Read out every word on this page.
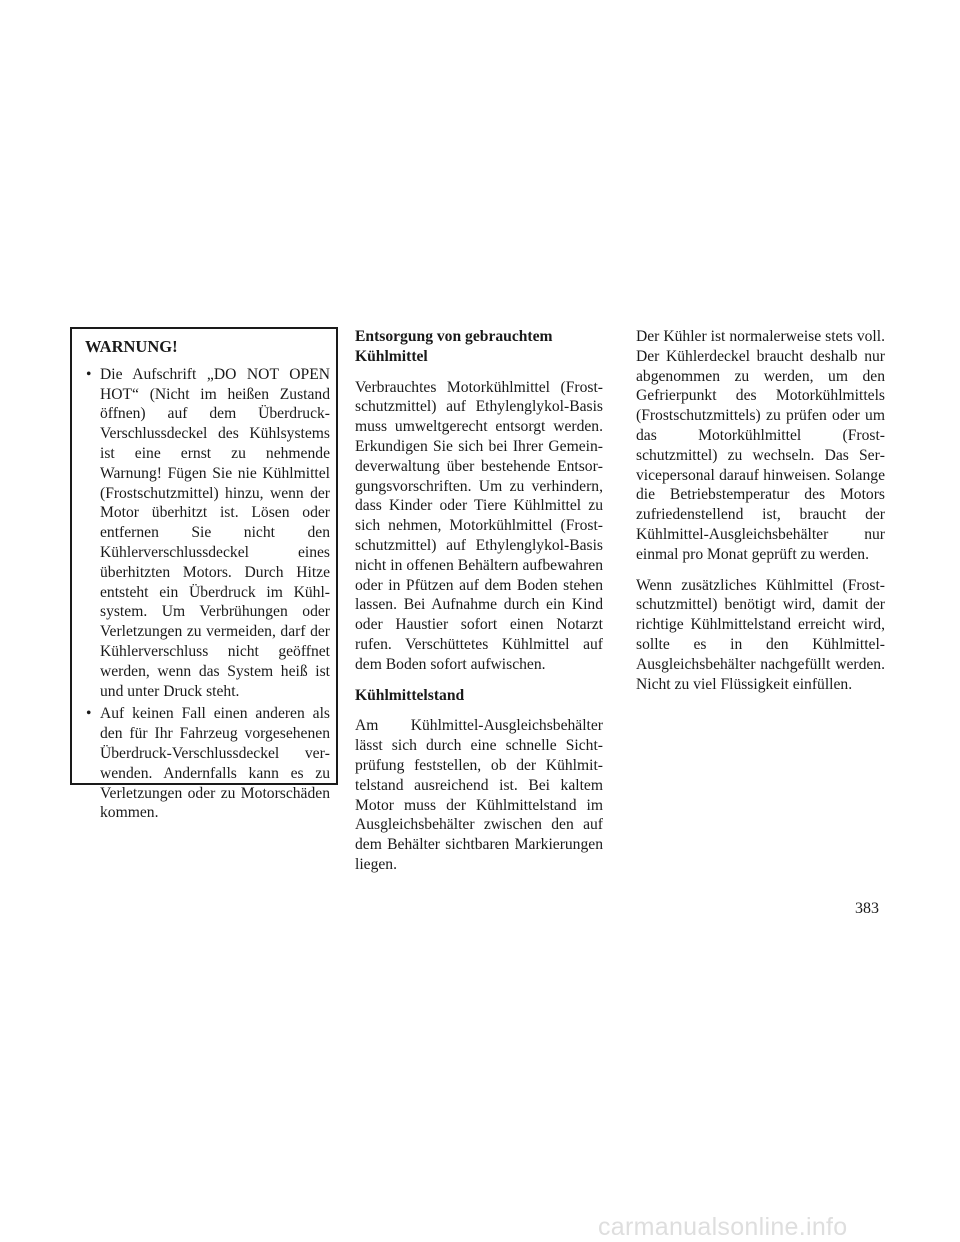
WARNUNG!
• Die Aufschrift „DO NOT OPEN HOT“ (Nicht im heißen Zustand öffnen) auf dem Überdruck-Verschlussdeckel des Kühlsystems ist eine ernst zu nehmende Warnung! Fügen Sie nie Kühlmittel (Frostschutzmittel) hinzu, wenn der Motor überhitzt ist. Lösen oder entfernen Sie nicht den Kühlerverschlussdeckel eines überhitzten Motors. Durch Hitze entsteht ein Überdruck im Kühlsystem. Um Verbrühungen oder Verletzungen zu vermeiden, darf der Kühlerverschluss nicht geöffnet werden, wenn das System heiß ist und unter Druck steht.
• Auf keinen Fall einen anderen als den für Ihr Fahrzeug vorgesehenen Überdruck-Verschlussdeckel verwenden. Andernfalls kann es zu Verletzungen oder zu Motorschäden kommen.
Entsorgung von gebrauchtem Kühlmittel

Verbrauchtes Motorkühlmittel (Frostschutzmittel) auf Ethylenglykol-Basis muss umweltgerecht entsorgt werden. Erkundigen Sie sich bei Ihrer Gemeindeverwaltung über bestehende Entsorgungsvorschriften. Um zu verhindern, dass Kinder oder Tiere Kühlmittel zu sich nehmen, Motorkühlmittel (Frostschutzmittel) auf Ethylenglykol-Basis nicht in offenen Behältern aufbewahren oder in Pfützen auf dem Boden stehen lassen. Bei Aufnahme durch ein Kind oder Haustier sofort einen Notarzt rufen. Verschüttetes Kühlmittel auf dem Boden sofort aufwischen.

Kühlmittelstand

Am Kühlmittel-Ausgleichsbehälter lässt sich durch eine schnelle Sichtprüfung feststellen, ob der Kühlmittelstand ausreichend ist. Bei kaltem Motor muss der Kühlmittelstand im Ausgleichsbehälter zwischen den auf dem Behälter sichtbaren Markierungen liegen.

Der Kühler ist normalerweise stets voll. Der Kühlerdeckel braucht deshalb nur abgenommen zu werden, um den Gefrierpunkt des Motorkühlmittels (Frostschutzmittels) zu prüfen oder um das Motorkühlmittel (Frostschutzmittel) zu wechseln. Das Servicepersonal darauf hinweisen. Solange die Betriebstemperatur des Motors zufriedenstellend ist, braucht der Kühlmittel-Ausgleichsbehälter nur einmal pro Monat geprüft zu werden.

Wenn zusätzliches Kühlmittel (Frostschutzmittel) benötigt wird, damit der richtige Kühlmittelstand erreicht wird, sollte es in den Kühlmittel-Ausgleichsbehälter nachgefüllt werden. Nicht zu viel Flüssigkeit einfüllen.

383
carmanualsonline.info
